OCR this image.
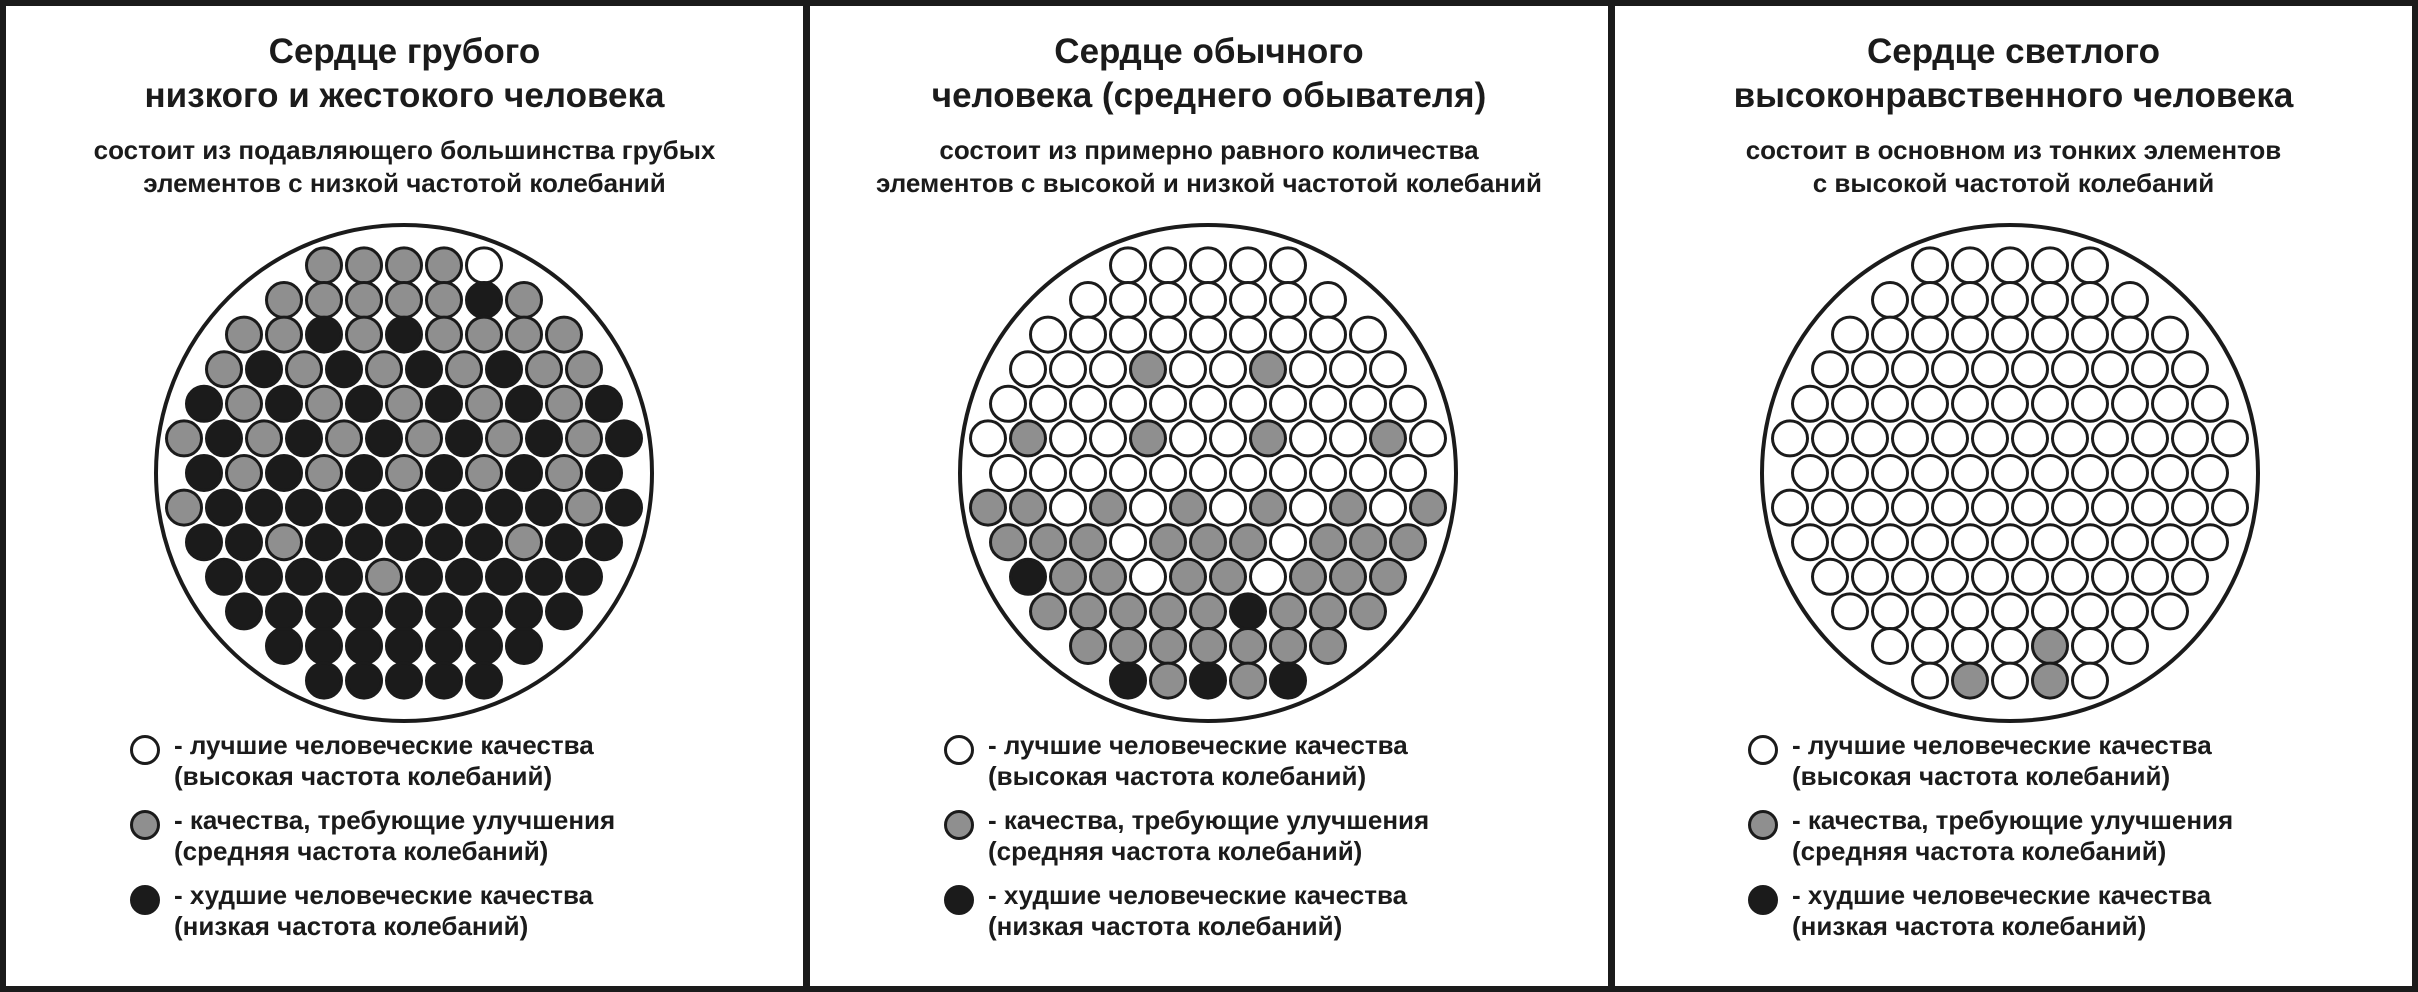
Сердце грубого
низкого и жестокого человека
состоит из подавляющего большинства грубых
элементов с низкой частотой колебаний
- лучшие человеческие качества
(высокая частота колебаний)
- качества, требующие улучшения
(средняя частота колебаний)
- худшие человеческие качества
(низкая частота колебаний)
Сердце обычного
человека (среднего обывателя)
состоит из примерно равного количества
элементов с высокой и низкой частотой колебаний
- лучшие человеческие качества
(высокая частота колебаний)
- качества, требующие улучшения
(средняя частота колебаний)
- худшие человеческие качества
(низкая частота колебаний)
Сердце светлого
высоконравственного человека
состоит в основном из тонких элементов
с высокой частотой колебаний
- лучшие человеческие качества
(высокая частота колебаний)
- качества, требующие улучшения
(средняя частота колебаний)
- худшие человеческие качества
(низкая частота колебаний)
